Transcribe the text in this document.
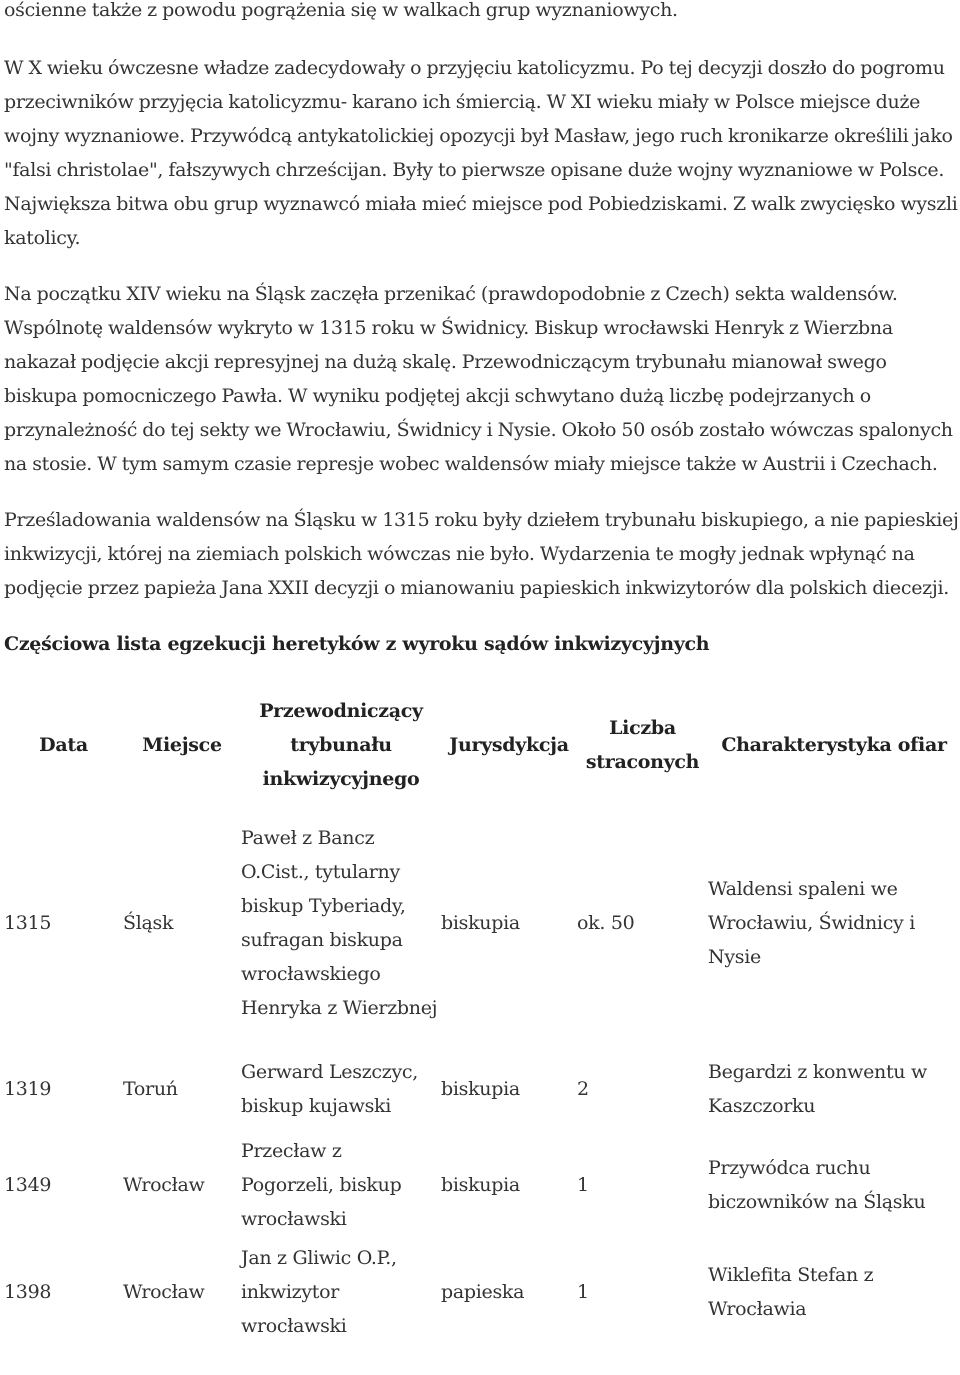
ościenne także z powodu pogrążenia się w walkach grup wyznaniowych.

W X wieku ówczesne władze zadecydowały o przyjęciu katolicyzmu. Po tej decyzji doszło do pogromu przeciwników przyjęcia katolicyzmu- karano ich śmiercią. W XI wieku miały w Polsce miejsce duże wojny wyznaniowe. Przywódcą antykatolickiej opozycji był Masław, jego ruch kronikarze określili jako "falsi christolae", fałszywych chrześcijan. Były to pierwsze opisane duże wojny wyznaniowe w Polsce. Największa bitwa obu grup wyznawcó miała mieć miejsce pod Pobiedziskami. Z walk zwycięsko wyszli katolicy.

Na początku XIV wieku na Śląsk zaczęła przenikać (prawdopodobnie z Czech) sekta waldensów. Wspólnotę waldensów wykryto w 1315 roku w Świdnicy. Biskup wrocławski Henryk z Wierzbna nakazał podjęcie akcji represyjnej na dużą skalę. Przewodniczącym trybunału mianował swego biskupa pomocniczego Pawła. W wyniku podjętej akcji schwytano dużą liczbę podejrzanych o przynależność do tej sekty we Wrocławiu, Świdnicy i Nysie. Około 50 osób zostało wówczas spalonych na stosie. W tym samym czasie represje wobec waldensów miały miejsce także w Austrii i Czechach.

Prześladowania waldensów na Śląsku w 1315 roku były dziełem trybunału biskupiego, a nie papieskiej inkwizycji, której na ziemiach polskich wówczas nie było. Wydarzenia te mogły jednak wpłynąć na podjęcie przez papieża Jana XXII decyzji o mianowaniu papieskich inkwizytorów dla polskich diecezji.

Częściowa lista egzekucji heretyków z wyroku sądów inkwizycyjnych
Data	Miejsce	Przewodniczący trybunału inkwizycyjnego	Jurysdykcja	Liczba straconych	Charakterystyka ofiar
1315	Śląsk	Paweł z Bancz O.Cist., tytularny biskup Tyberiady, sufragan biskupa wrocławskiego Henryka z Wierzbnej	biskupia	ok. 50	Waldensi spaleni we Wrocławiu, Świdnicy i Nysie
1319	Toruń	Gerward Leszczyc, biskup kujawski	biskupia	2	Begardzi z konwentu w Kaszczorku
1349	Wrocław	Przecław z Pogorzeli, biskup wrocławski	biskupia	1	Przywódca ruchu biczowników na Śląsku
1398	Wrocław	Jan z Gliwic O.P., inkwizytor wrocławski	papieska	1	Wiklefita Stefan z Wrocławia
